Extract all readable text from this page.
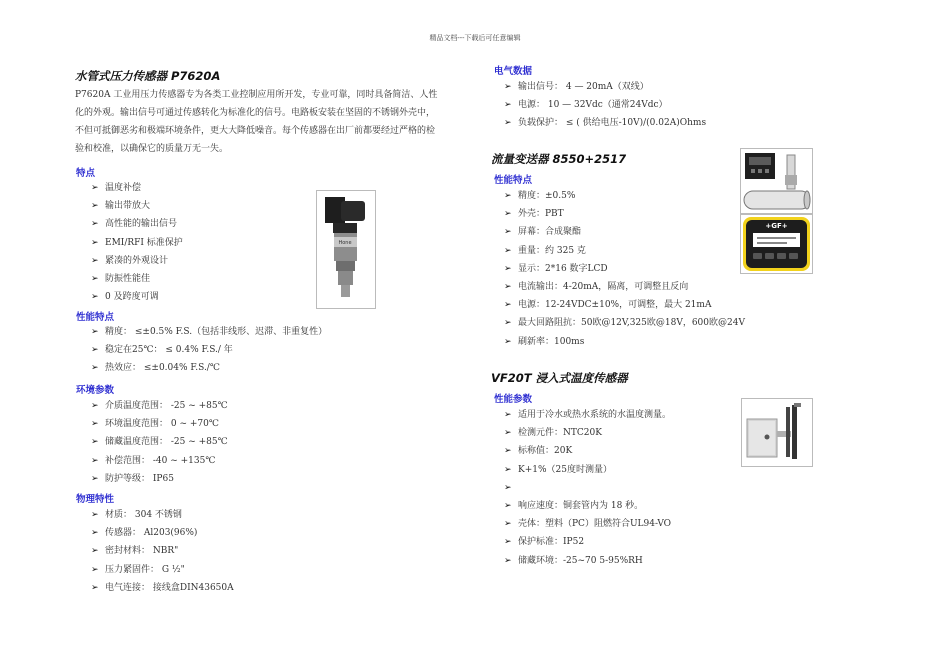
精品文档---下载后可任意编辑
水管式压力传感器 P7620A
P7620A 工业用压力传感器专为各类工业控制应用所开发，专业可靠，同时具备简洁、人性
化的外观。输出信号可通过传感转化为标准化的信号。电路板安装在坚固的不锈钢外壳中，
不但可抵御恶劣和极端环境条件，更大大降低噪音。每个传感器在出厂前都要经过严格的检
验和校准，以确保它的质量万无一失。
特点
➢ 温度补偿
➢ 输出带放大
➢ 高性能的输出信号
➢ EMI/RFI 标准保护
➢ 紧凑的外观设计
➢ 防振性能佳
➢ 0 及跨度可调
Hone
性能特点
➢ 精度： ≤±0.5% F.S.（包括非线形、迟滞、非重复性）
➢ 稳定在25℃： ≤ 0.4% F.S./ 年
➢ 热效应： ≤±0.04% F.S./℃
环境参数
➢ 介质温度范围： -25 ~ +85℃
➢ 环境温度范围： 0 ~ +70℃
➢ 储藏温度范围： -25 ~ +85℃
➢ 补偿范围： -40 ~ +135℃
➢ 防护等级： IP65
物理特性
➢ 材质： 304 不锈钢
➢ 传感器： Al203(96%)
➢ 密封材料： NBR"
➢ 压力紧固件： G ½"
➢ 电气连接： 接线盒DIN43650A
电气数据
➢ 输出信号： 4 — 20mA（双线）
➢ 电源： 10 — 32Vdc（通常24Vdc）
➢ 负载保护： ≤ ( 供给电压-10V)/(0.02A)Ohms
流量变送器 8550+2517
性能特点
➢ 精度：±0.5%
➢ 外壳：PBT
➢ 屏幕：合成聚酯
➢ 重量：约 325 克
➢ 显示：2*16 数字LCD
➢ 电流输出：4-20mA，隔离，可调整且反向
➢ 电源：12-24VDC±10%，可调整，最大 21mA
➢ 最大回路阻抗：50欧@12V,325欧@18V，600欧@24V
➢ 刷新率：100ms
+GF+
VF20T 浸入式温度传感器
性能参数
➢ 适用于冷水或热水系统的水温度测量。
➢ 检测元件：NTC20K
➢ 标称值：20K
➢ K+1%（25度时测量）
➢
➢ 响应速度：铜套管内为 18 秒。
➢ 壳体：塑料（PC）阻燃符合UL94-VO
➢ 保护标准：IP52
➢ 储藏环境：-25~70 5-95%RH
